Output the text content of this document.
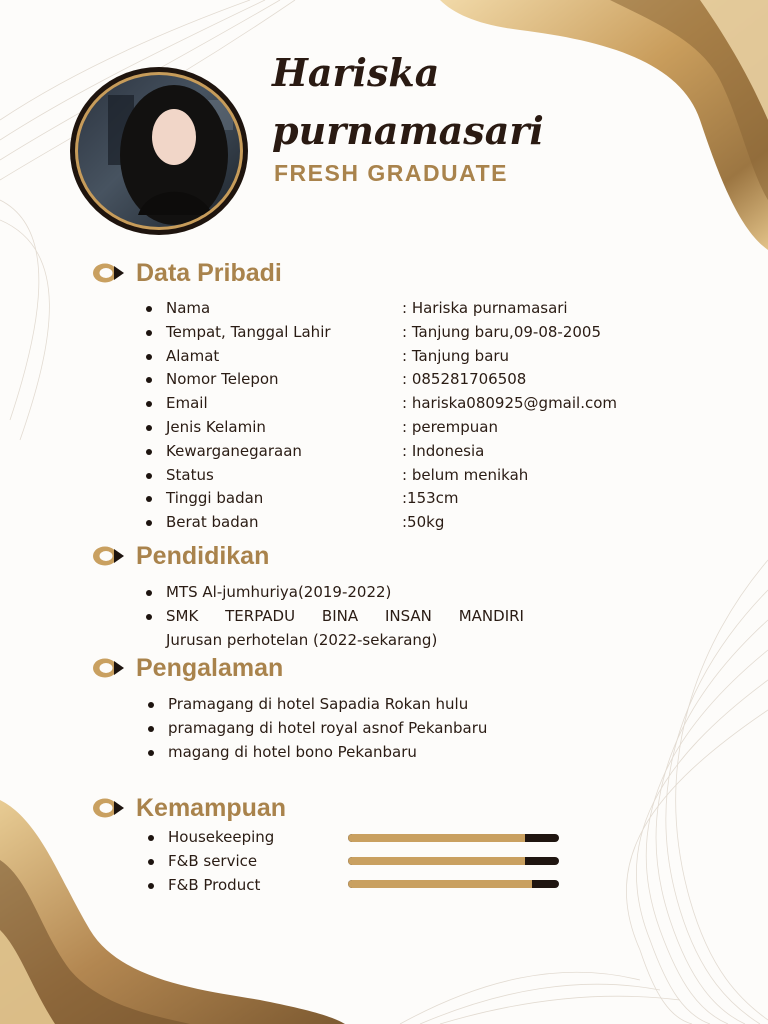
Hariska
purnamasari
FRESH GRADUATE
Data Pribadi
Nama	: Hariska purnamasari
Tempat, Tanggal Lahir	: Tanjung baru,09-08-2005
Alamat	: Tanjung baru
Nomor Telepon	: 085281706508
Email	: hariska080925@gmail.com
Jenis Kelamin	: perempuan
Kewarganegaraan	: Indonesia
Status	: belum menikah
Tinggi badan	:153cm
Berat badan	:50kg
Pendidikan
MTS Al-jumhuriya(2019-2022)
SMK TERPADU BINA INSAN MANDIRI
Jurusan perhotelan (2022-sekarang)
Pengalaman
Pramagang di hotel Sapadia Rokan hulu
pramagang di hotel royal asnof Pekanbaru
magang di hotel bono Pekanbaru
Kemampuan
Housekeeping
F&B service
F&B Product
